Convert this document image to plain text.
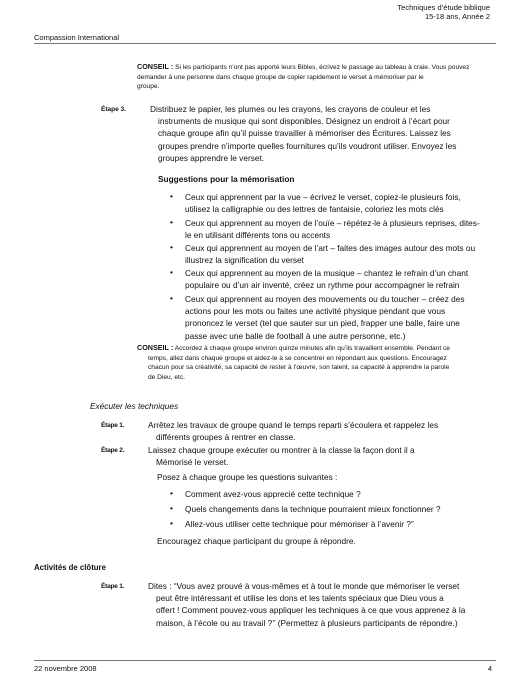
Techniques d’étude biblique
15-18 ans, Année 2
Compassion International
CONSEIL : Si les participants n’ont pas apporté leurs Bibles, écrivez le passage au tableau à craie. Vous pouvez
demander à une personne dans chaque groupe de copier rapidement le verset à mémoriser par le
groupe.
Étape 3.	Distribuez le papier, les plumes ou les crayons, les crayons de couleur et les
instruments de musique qui sont disponibles. Désignez un endroit à l’écart pour
chaque groupe afin qu’il puisse travailler à mémoriser des Écritures. Laissez les
groupes prendre n’importe quelles fournitures qu’ils voudront utiliser. Envoyez les
groupes apprendre le verset.
Suggestions pour la mémorisation
• Ceux qui apprennent par la vue – écrivez le verset, copiez-le plusieurs fois,
utilisez la calligraphie ou des lettres de fantaisie, coloriez les mots clés
• Ceux qui apprennent au moyen de l’ouïe – répétez-le à plusieurs reprises, dites-
le en utilisant différents tons ou accents
• Ceux qui apprennent au moyen de l’art – faites des images autour des mots ou
illustrez la signification du verset
• Ceux qui apprennent au moyen de la musique – chantez le refrain d’un chant
populaire ou d’un air inventé, créez un rythme pour accompagner le refrain
• Ceux qui apprennent au moyen des mouvements ou du toucher – créez des
actions pour les mots ou faites une activité physique pendant que vous
prononcez le verset (tel que sauter sur un pied, frapper une balle, faire une
passe avec une balle de football à une autre personne, etc.)
CONSEIL : Accordez à chaque groupe environ quinze minutes afin qu’ils travaillent ensemble. Pendant ce
temps, allez dans chaque groupe et aidez-le à se concentrer en répondant aux questions. Encouragez
chacun pour sa créativité, sa capacité de rester à l’œuvre, son talent, sa capacité à apprendre la parole
de Dieu, etc.
Exécuter les techniques
Étape 1.	Arrêtez les travaux de groupe quand le temps reparti s’écoulera et rappelez les
différents groupes à rentrer en classe.
Étape 2.	Laissez chaque groupe exécuter ou montrer à la classe la façon dont il a
Mémorisé le verset.
Posez à chaque groupe les questions suivantes :
• Comment avez-vous apprecié cette technique ?
• Quels changements dans la technique pourraient mieux fonctionner ?
• Allez-vous utiliser cette technique pour mémoriser à l’avenir ?”
Encouragez chaque participant du groupe à répondre.
Activités de clôture
Étape 1.	Dites : “Vous avez prouvé à vous-mêmes et à tout le monde que mémoriser le verset
peut être intéressant et utilise les dons et les talents spéciaux que Dieu vous a
offert ! Comment pouvez-vous appliquer les techniques à ce que vous apprenez à la
maison, à l’école ou au travail ?’’ (Permettez à plusieurs participants de répondre.)
22 novembre 2008	4
